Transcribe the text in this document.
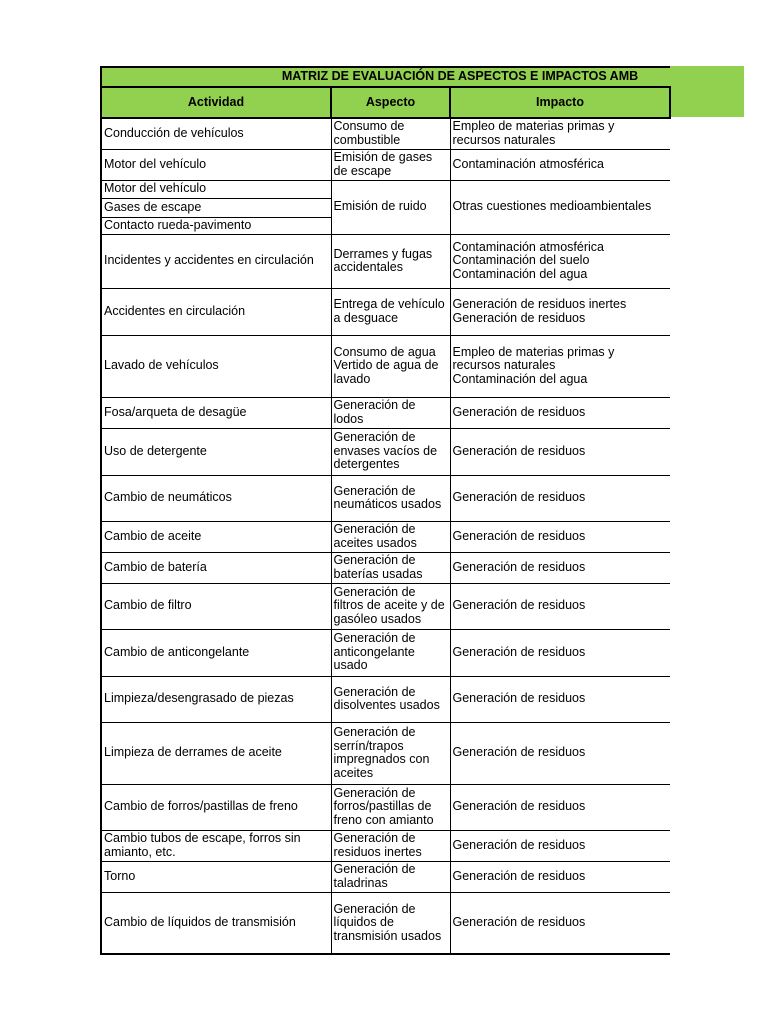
MATRIZ DE EVALUACIÓN DE ASPECTOS E IMPACTOS AMB		
Actividad	Aspecto	Impacto
Conducción de vehículos	Consumo de
combustible	Empleo de materias primas y
recursos naturales

Motor del vehículo	Emisión de gases
de escape	Contaminación atmosférica

Motor del vehículo	Emisión de ruido	Otras cuestiones medioambientales

Gases de escape		
Contacto rueda-pavimento		
Incidentes y accidentes en circulación	Derrames y fugas
accidentales	Contaminación atmosférica
Contaminación del suelo
Contaminación del agua

Accidentes en circulación	Entrega de vehículo
a desguace	Generación de residuos inertes
Generación de residuos

Lavado de vehículos	Consumo de agua
Vertido de agua de
lavado	Empleo de materias primas y
recursos naturales
Contaminación del agua

Fosa/arqueta de desagüe	Generación de
lodos	Generación de residuos

Uso de detergente	Generación de
envases vacíos de
detergentes	Generación de residuos

Cambio de neumáticos	Generación de
neumáticos usados	Generación de residuos

Cambio de aceite	Generación de
aceites usados	Generación de residuos

Cambio de batería	Generación de
baterías usadas	Generación de residuos

Cambio de filtro	Generación de
filtros de aceite y de
gasóleo usados	Generación de residuos

Cambio de anticongelante	Generación de
anticongelante
usado	Generación de residuos

Limpieza/desengrasado de piezas	Generación de
disolventes usados	Generación de residuos

Limpieza de derrames de aceite	Generación de
serrín/trapos
impregnados con
aceites	Generación de residuos

Cambio de forros/pastillas de freno	Generación de
forros/pastillas de
freno con amianto	Generación de residuos

Cambio tubos de escape, forros sin amianto, etc.	Generación de
residuos inertes	Generación de residuos

Torno	Generación de
taladrinas	Generación de residuos

Cambio de líquidos de transmisión	Generación de
líquidos de
transmisión usados	Generación de residuos
